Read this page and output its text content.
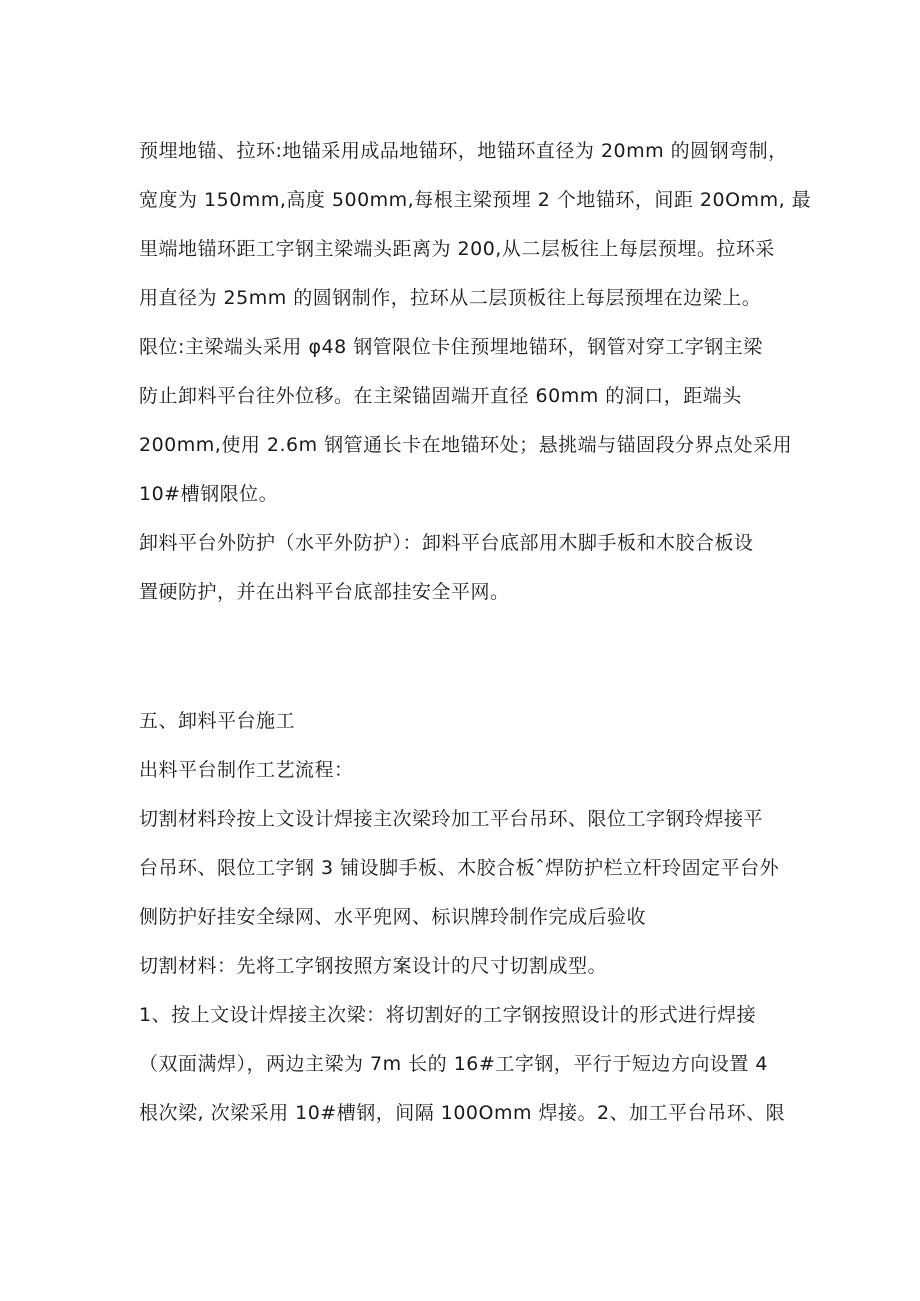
预埋地锚、拉环:地锚采用成品地锚环，地锚环直径为 20mm 的圆钢弯制，
宽度为 150mm,高度 500mm,每根主梁预埋 2 个地锚环，间距 20Omm, 最
里端地锚环距工字钢主梁端头距离为 200,从二层板往上每层预埋。拉环采
用直径为 25mm 的圆钢制作，拉环从二层顶板往上每层预埋在边梁上。
限位:主梁端头采用 φ48 钢管限位卡住预埋地锚环，钢管对穿工字钢主梁
防止卸料平台往外位移。在主梁锚固端开直径 60mm 的洞口，距端头
200mm,使用 2.6m 钢管通长卡在地锚环处；悬挑端与锚固段分界点处采用
10#槽钢限位。
卸料平台外防护（水平外防护）：卸料平台底部用木脚手板和木胶合板设
置硬防护，并在出料平台底部挂安全平网。
五、卸料平台施工
出料平台制作工艺流程：
切割材料玲按上文设计焊接主次梁玲加工平台吊环、限位工字钢玲焊接平
台吊环、限位工字钢 3 铺设脚手板、木胶合板ˆ焊防护栏立杆玲固定平台外
侧防护好挂安全绿网、水平兜网、标识牌玲制作完成后验收
切割材料：先将工字钢按照方案设计的尺寸切割成型。
1、按上文设计焊接主次梁：将切割好的工字钢按照设计的形式进行焊接
（双面满焊），两边主梁为 7m 长的 16#工字钢，平行于短边方向设置 4
根次梁, 次梁采用 10#槽钢，间隔 100Omm 焊接。2、加工平台吊环、限
